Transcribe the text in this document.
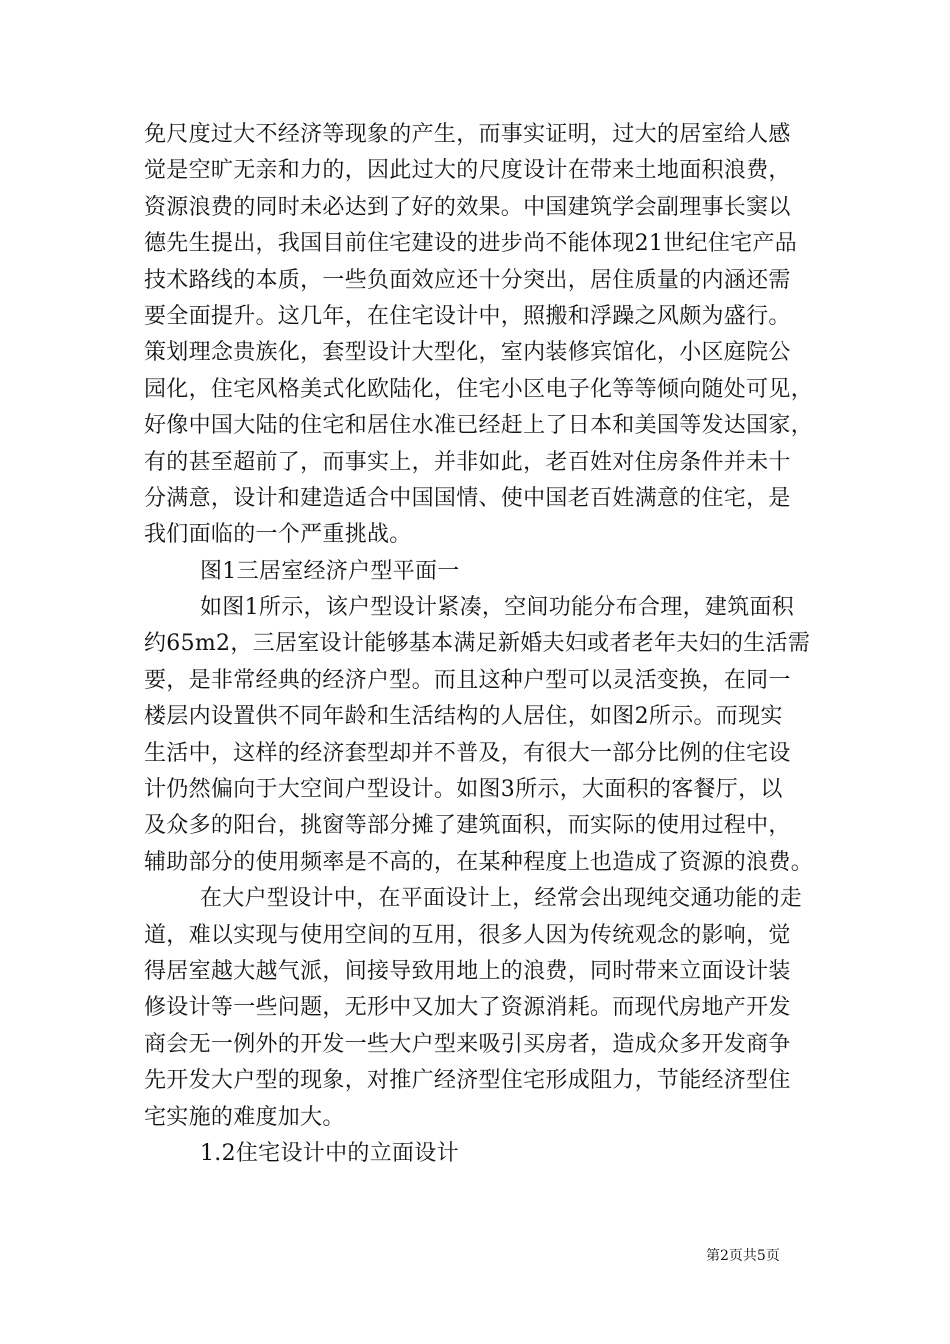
免尺度过大不经济等现象的产生，而事实证明，过大的居室给人感
觉是空旷无亲和力的，因此过大的尺度设计在带来土地面积浪费，
资源浪费的同时未必达到了好的效果。中国建筑学会副理事长窦以
德先生提出，我国目前住宅建设的进步尚不能体现21世纪住宅产品
技术路线的本质，一些负面效应还十分突出，居住质量的内涵还需
要全面提升。这几年，在住宅设计中，照搬和浮躁之风颇为盛行。
策划理念贵族化，套型设计大型化，室内装修宾馆化，小区庭院公
园化，住宅风格美式化欧陆化，住宅小区电子化等等倾向随处可见，
好像中国大陆的住宅和居住水准已经赶上了日本和美国等发达国家，
有的甚至超前了，而事实上，并非如此，老百姓对住房条件并未十
分满意，设计和建造适合中国国情、使中国老百姓满意的住宅，是
我们面临的一个严重挑战。
图1三居室经济户型平面一
如图1所示，该户型设计紧凑，空间功能分布合理，建筑面积
约65m2，三居室设计能够基本满足新婚夫妇或者老年夫妇的生活需
要，是非常经典的经济户型。而且这种户型可以灵活变换，在同一
楼层内设置供不同年龄和生活结构的人居住，如图2所示。而现实
生活中，这样的经济套型却并不普及，有很大一部分比例的住宅设
计仍然偏向于大空间户型设计。如图3所示，大面积的客餐厅，以
及众多的阳台，挑窗等部分摊了建筑面积，而实际的使用过程中，
辅助部分的使用频率是不高的，在某种程度上也造成了资源的浪费。
在大户型设计中，在平面设计上，经常会出现纯交通功能的走
道，难以实现与使用空间的互用，很多人因为传统观念的影响，觉
得居室越大越气派，间接导致用地上的浪费，同时带来立面设计装
修设计等一些问题，无形中又加大了资源消耗。而现代房地产开发
商会无一例外的开发一些大户型来吸引买房者，造成众多开发商争
先开发大户型的现象，对推广经济型住宅形成阻力，节能经济型住
宅实施的难度加大。
1.2住宅设计中的立面设计
第2页共5页
